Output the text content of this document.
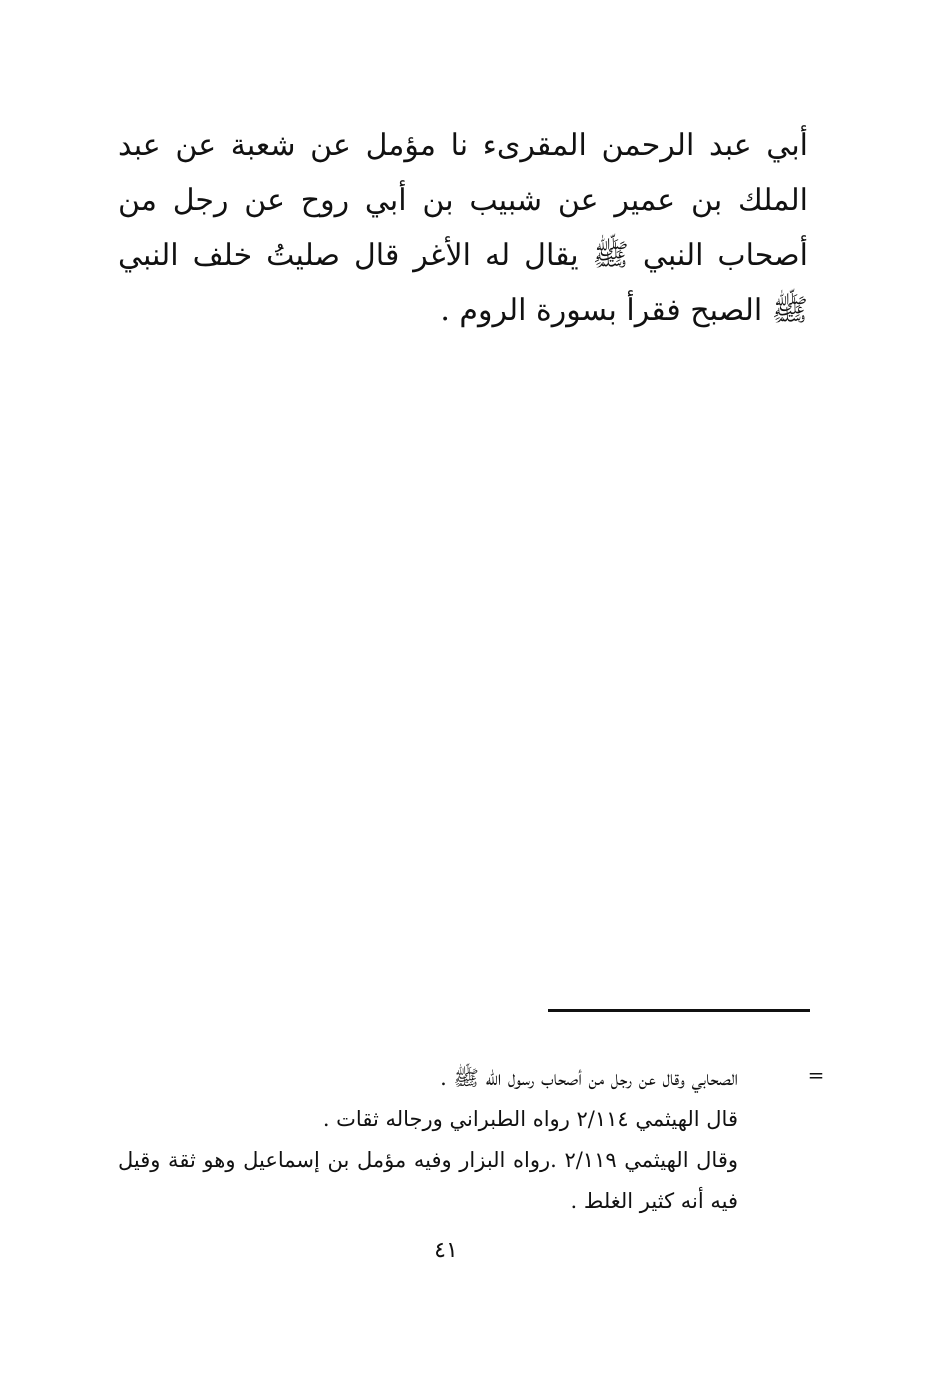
أبي عبد الرحمن المقرىء نا مؤمل عن شعبة عن عبد الملك بن عمير عن شبيب بن أبي روح عن رجل من أصحاب النبي ﷺ يقال له الأغر قال صليتُ خلف النبي ﷺ الصبح فقرأ بسورة الروم .

=

الصحابي وقال عن رجل من أصحاب رسول الله ﷺ .

قال الهيثمي ٢/١١٤ رواه الطبراني ورجاله ثقات .

وقال الهيثمي ٢/١١٩ .رواه البزار وفيه مؤمل بن إسماعيل وهو ثقة وقيل فيه أنه كثير الغلط .

٤١
